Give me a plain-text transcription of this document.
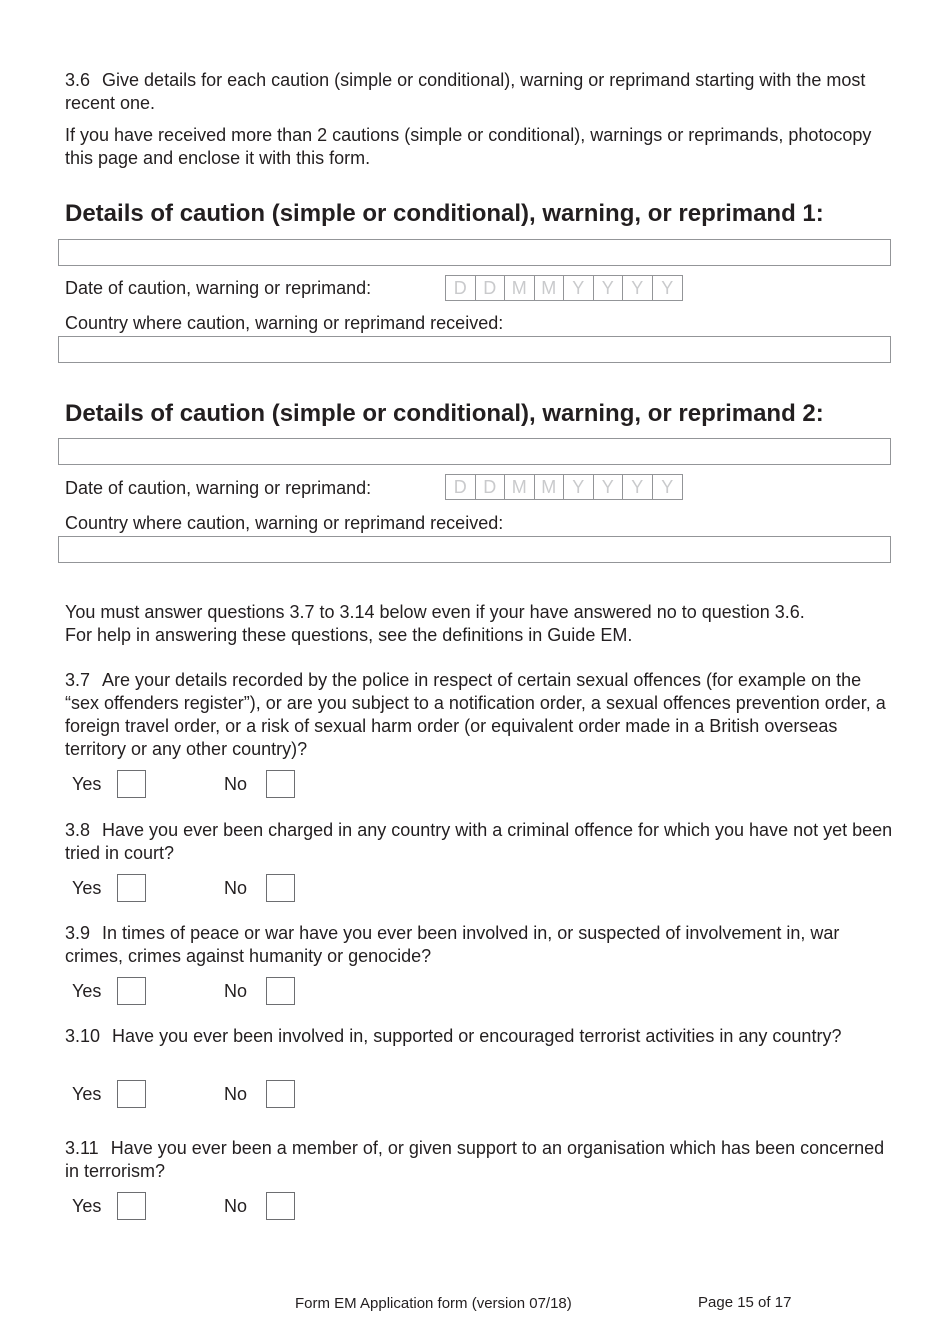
3.6 Give details for each caution (simple or conditional), warning or reprimand starting with the most recent one.
If you have received more than 2 cautions (simple or conditional), warnings or reprimands, photocopy this page and enclose it with this form.
Details of caution (simple or conditional), warning, or reprimand 1:
Date of caution, warning or reprimand:	D D M M Y Y Y Y
Country where caution, warning or reprimand received:
Details of caution (simple or conditional), warning, or reprimand 2:
Date of caution, warning or reprimand:	D D M M Y Y Y Y
Country where caution, warning or reprimand received:
You must answer questions 3.7 to 3.14 below even if your have answered no to question 3.6.
For help in answering these questions, see the definitions in Guide EM.
3.7 Are your details recorded by the police in respect of certain sexual offences (for example on the “sex offenders register”), or are you subject to a notification order, a sexual offences prevention order, a foreign travel order, or a risk of sexual harm order (or equivalent order made in a British overseas territory or any other country)?
Yes	No
3.8 Have you ever been charged in any country with a criminal offence for which you have not yet been tried in court?
Yes	No
3.9 In times of peace or war have you ever been involved in, or suspected of involvement in, war crimes, crimes against humanity or genocide?
Yes	No
3.10 Have you ever been involved in, supported or encouraged terrorist activities in any country?
Yes	No
3.11 Have you ever been a member of, or given support to an organisation which has been concerned in terrorism?
Yes	No
Form EM Application form (version 07/18)	Page 15 of 17
